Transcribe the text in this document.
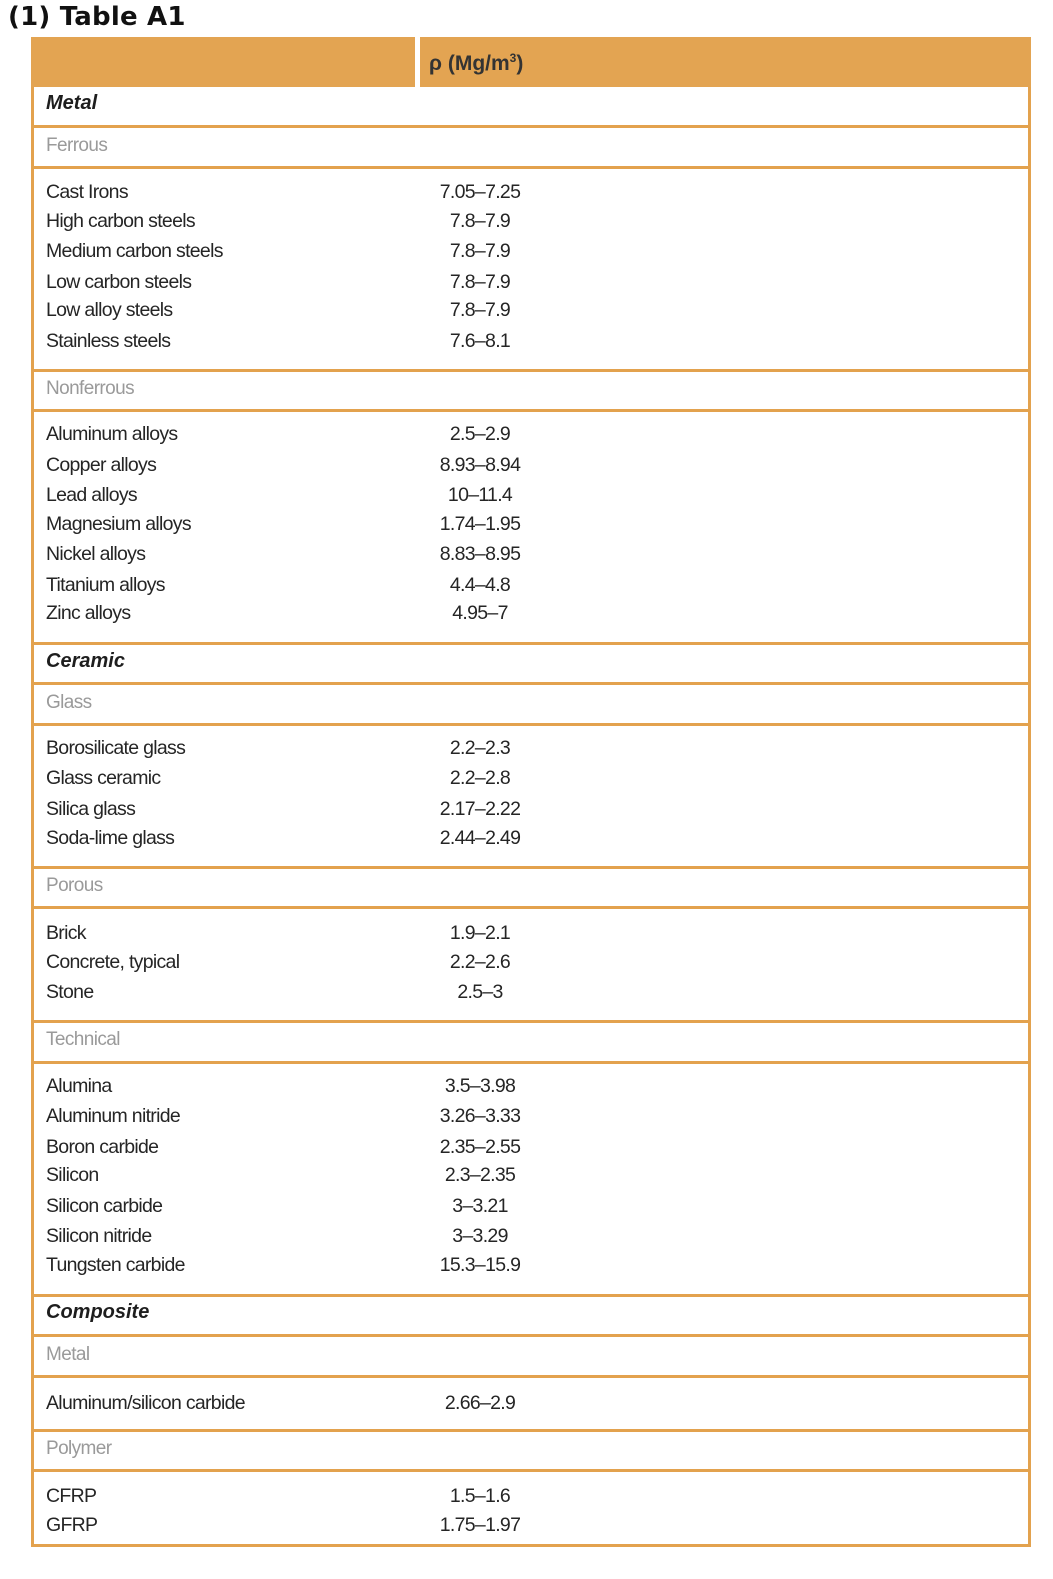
(1) Table A1
ρ $(Mg/m^3)$
Metal
Ferrous
Cast Irons	7.05–7.25
High carbon steels	7.8–7.9
Medium carbon steels	7.8–7.9
Low carbon steels	7.8–7.9
Low alloy steels	7.8–7.9
Stainless steels	7.6–8.1
Nonferrous
Aluminum alloys	2.5–2.9
Copper alloys	8.93–8.94
Lead alloys	10–11.4
Magnesium alloys	1.74–1.95
Nickel alloys	8.83–8.95
Titanium alloys	4.4–4.8
Zinc alloys	4.95–7
Ceramic
Glass
Borosilicate glass	2.2–2.3
Glass ceramic	2.2–2.8
Silica glass	2.17–2.22
Soda-lime glass	2.44–2.49
Porous
Brick	1.9–2.1
Concrete, typical	2.2–2.6
Stone	2.5–3
Technical
Alumina	3.5–3.98
Aluminum nitride	3.26–3.33
Boron carbide	2.35–2.55
Silicon	2.3–2.35
Silicon carbide	3–3.21
Silicon nitride	3–3.29
Tungsten carbide	15.3–15.9
Composite
Metal
Aluminum/silicon carbide	2.66–2.9
Polymer
CFRP	1.5–1.6
GFRP	1.75–1.97
